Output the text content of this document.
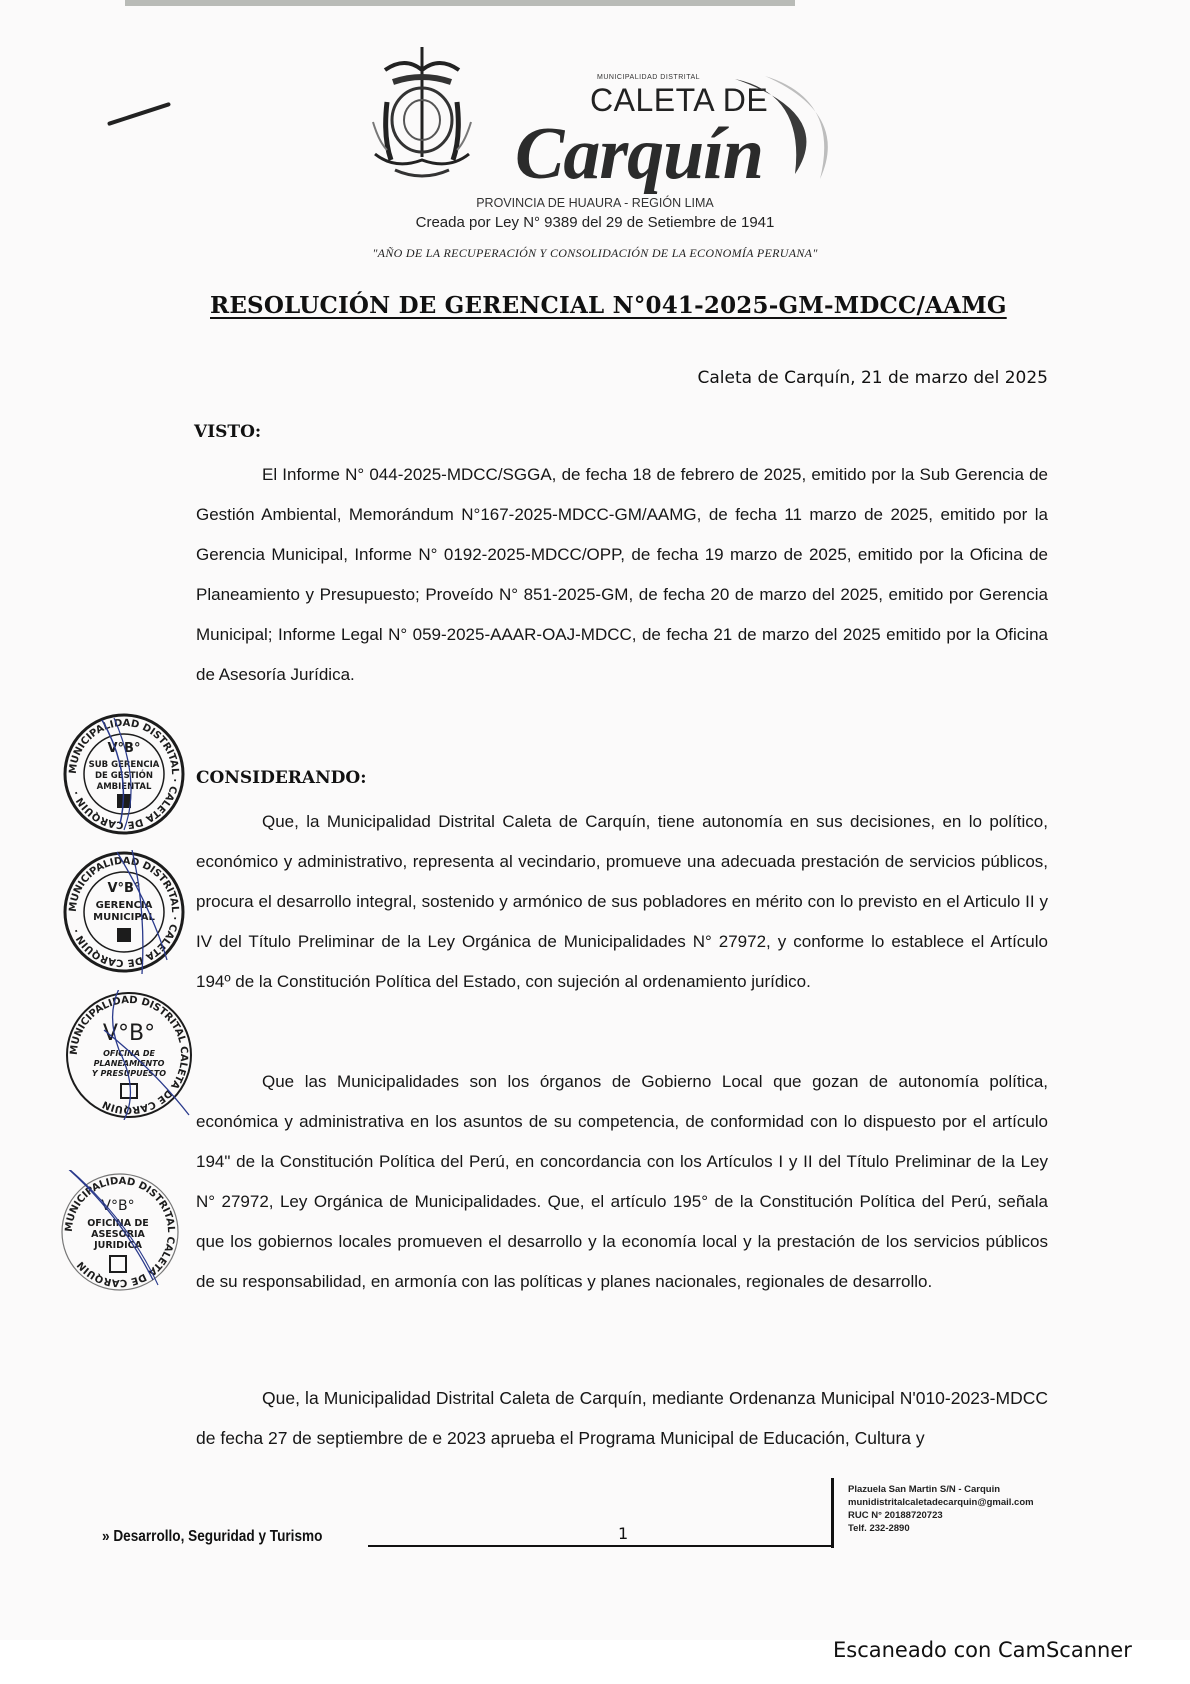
MUNICIPALIDAD DISTRITAL
CALETA DE
Carquín
PROVINCIA DE HUAURA - REGIÓN LIMA
Creada por Ley N° 9389 del 29 de Setiembre de 1941
"AÑO DE LA RECUPERACIÓN Y CONSOLIDACIÓN DE LA ECONOMÍA PERUANA"
RESOLUCIÓN DE GERENCIAL N°041-2025-GM-MDCC/AAMG
Caleta de Carquín, 21 de marzo del 2025
VISTO:
El Informe N° 044-2025-MDCC/SGGA, de fecha 18 de febrero de 2025, emitido por la Sub Gerencia de Gestión Ambiental, Memorándum N°167-2025-MDCC-GM/AAMG, de fecha 11 marzo de 2025, emitido por la Gerencia Municipal, Informe N° 0192-2025-MDCC/OPP, de fecha 19 marzo de 2025, emitido por la Oficina de Planeamiento y Presupuesto; Proveído N° 851-2025-GM, de fecha 20 de marzo del 2025, emitido por Gerencia Municipal; Informe Legal N° 059-2025-AAAR-OAJ-MDCC, de fecha 21 de marzo del 2025 emitido por la Oficina de Asesoría Jurídica.
CONSIDERANDO:
Que, la Municipalidad Distrital Caleta de Carquín, tiene autonomía en sus decisiones, en lo político, económico y administrativo, representa al vecindario, promueve una adecuada prestación de servicios públicos, procura el desarrollo integral, sostenido y armónico de sus pobladores en mérito con lo previsto en el Articulo II y IV del Título Preliminar de la Ley Orgánica de Municipalidades N° 27972, y conforme lo establece el Artículo 194º de la Constitución Política del Estado, con sujeción al ordenamiento jurídico.
Que las Municipalidades son los órganos de Gobierno Local que gozan de autonomía política, económica y administrativa en los asuntos de su competencia, de conformidad con lo dispuesto por el artículo 194" de la Constitución Política del Perú, en concordancia con los Artículos I y II del Título Preliminar de la Ley N° 27972, Ley Orgánica de Municipalidades. Que, el artículo 195° de la Constitución Política del Perú, señala que los gobiernos locales promueven el desarrollo y la economía local y la prestación de los servicios públicos de su responsabilidad, en armonía con las políticas y planes nacionales, regionales de desarrollo.
Que, la Municipalidad Distrital Caleta de Carquín, mediante Ordenanza Municipal N'010-2023-MDCC de fecha 27 de septiembre de e 2023 aprueba el Programa Municipal de Educación, Cultura y
MUNICIPALIDAD DISTRITAL · CALETA DE CARQUIN ·
V°B°
SUB GERENCIA
DE GESTIÓN
AMBIENTAL
MUNICIPALIDAD DISTRITAL · CALETA DE CARQUIN ·
V°B°
GERENCIA
MUNICIPAL
MUNICIPALIDAD DISTRITAL CALETA DE CARQUIN
V°B°
OFICINA DE
PLANEAMIENTO
Y PRESUPUESTO
MUNICIPALIDAD DISTRITAL CALETA DE CARQUIN
V°B°
OFICINA DE
ASESORIA
JURIDICA
» Desarrollo, Seguridad y Turismo	1
Plazuela San Martin S/N - Carquin
munidistritalcaletadecarquin@gmail.com
RUC N° 20188720723
Telf. 232-2890
Escaneado con CamScanner
